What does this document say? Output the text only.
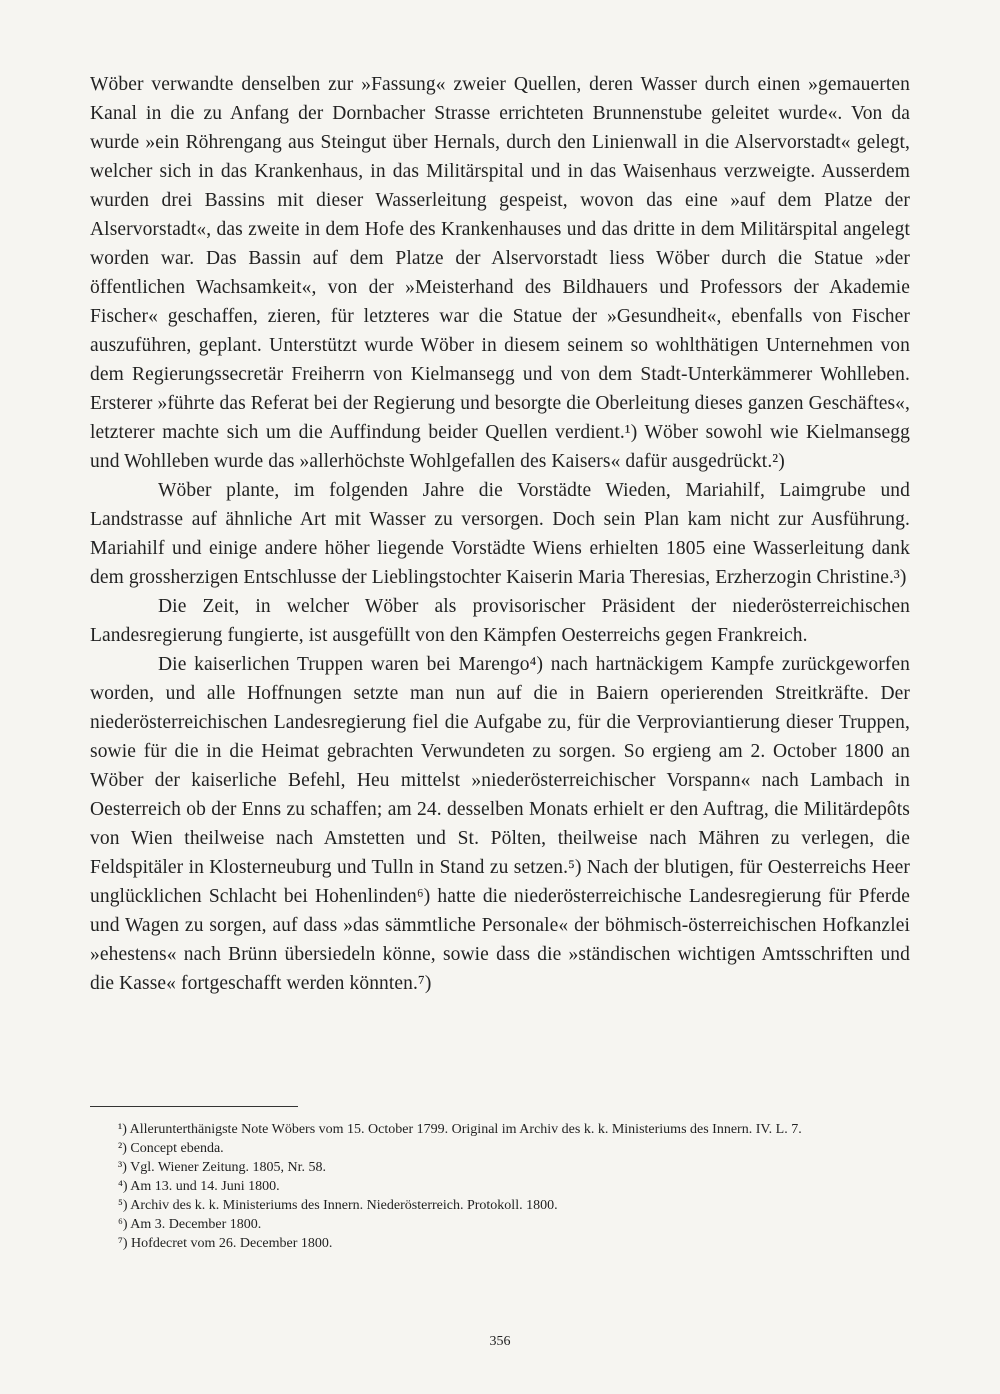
Wöber verwandte denselben zur »Fassung« zweier Quellen, deren Wasser durch einen »gemauerten Kanal in die zu Anfang der Dornbacher Strasse errichteten Brunnenstube geleitet wurde«. Von da wurde »ein Röhrengang aus Steingut über Hernals, durch den Linienwall in die Alservorstadt« gelegt, welcher sich in das Krankenhaus, in das Militärspital und in das Waisenhaus verzweigte. Ausserdem wurden drei Bassins mit dieser Wasserleitung gespeist, wovon das eine »auf dem Platze der Alservorstadt«, das zweite in dem Hofe des Krankenhauses und das dritte in dem Militärspital angelegt worden war. Das Bassin auf dem Platze der Alservorstadt liess Wöber durch die Statue »der öffentlichen Wachsamkeit«, von der »Meisterhand des Bildhauers und Professors der Akademie Fischer« geschaffen, zieren, für letzteres war die Statue der »Gesundheit«, ebenfalls von Fischer auszuführen, geplant. Unterstützt wurde Wöber in diesem seinem so wohlthätigen Unternehmen von dem Regierungssecretär Freiherrn von Kielmansegg und von dem Stadt-Unterkämmerer Wohlleben. Ersterer »führte das Referat bei der Regierung und besorgte die Oberleitung dieses ganzen Geschäftes«, letzterer machte sich um die Auffindung beider Quellen verdient.¹) Wöber sowohl wie Kielmansegg und Wohlleben wurde das »allerhöchste Wohlgefallen des Kaisers« dafür ausgedrückt.²)

Wöber plante, im folgenden Jahre die Vorstädte Wieden, Mariahilf, Laimgrube und Landstrasse auf ähnliche Art mit Wasser zu versorgen. Doch sein Plan kam nicht zur Ausführung. Mariahilf und einige andere höher liegende Vorstädte Wiens erhielten 1805 eine Wasserleitung dank dem grossherzigen Entschlusse der Lieblingstochter Kaiserin Maria Theresias, Erzherzogin Christine.³)

Die Zeit, in welcher Wöber als provisorischer Präsident der niederösterreichischen Landesregierung fungierte, ist ausgefüllt von den Kämpfen Oesterreichs gegen Frankreich.

Die kaiserlichen Truppen waren bei Marengo⁴) nach hartnäckigem Kampfe zurückgeworfen worden, und alle Hoffnungen setzte man nun auf die in Baiern operierenden Streitkräfte. Der niederösterreichischen Landesregierung fiel die Aufgabe zu, für die Verproviantierung dieser Truppen, sowie für die in die Heimat gebrachten Verwundeten zu sorgen. So ergieng am 2. October 1800 an Wöber der kaiserliche Befehl, Heu mittelst »niederösterreichischer Vorspann« nach Lambach in Oesterreich ob der Enns zu schaffen; am 24. desselben Monats erhielt er den Auftrag, die Militärdepôts von Wien theilweise nach Amstetten und St. Pölten, theilweise nach Mähren zu verlegen, die Feldspitäler in Klosterneuburg und Tulln in Stand zu setzen.⁵) Nach der blutigen, für Oesterreichs Heer unglücklichen Schlacht bei Hohenlinden⁶) hatte die niederösterreichische Landesregierung für Pferde und Wagen zu sorgen, auf dass »das sämmtliche Personale« der böhmisch-österreichischen Hofkanzlei »ehestens« nach Brünn übersiedeln könne, sowie dass die »ständischen wichtigen Amtsschriften und die Kasse« fortgeschafft werden könnten.⁷)

¹) Allerunterthänigste Note Wöbers vom 15. October 1799. Original im Archiv des k. k. Ministeriums des Innern. IV. L. 7.

²) Concept ebenda.

³) Vgl. Wiener Zeitung. 1805, Nr. 58.

⁴) Am 13. und 14. Juni 1800.

⁵) Archiv des k. k. Ministeriums des Innern. Niederösterreich. Protokoll. 1800.

⁶) Am 3. December 1800.

⁷) Hofdecret vom 26. December 1800.

356
